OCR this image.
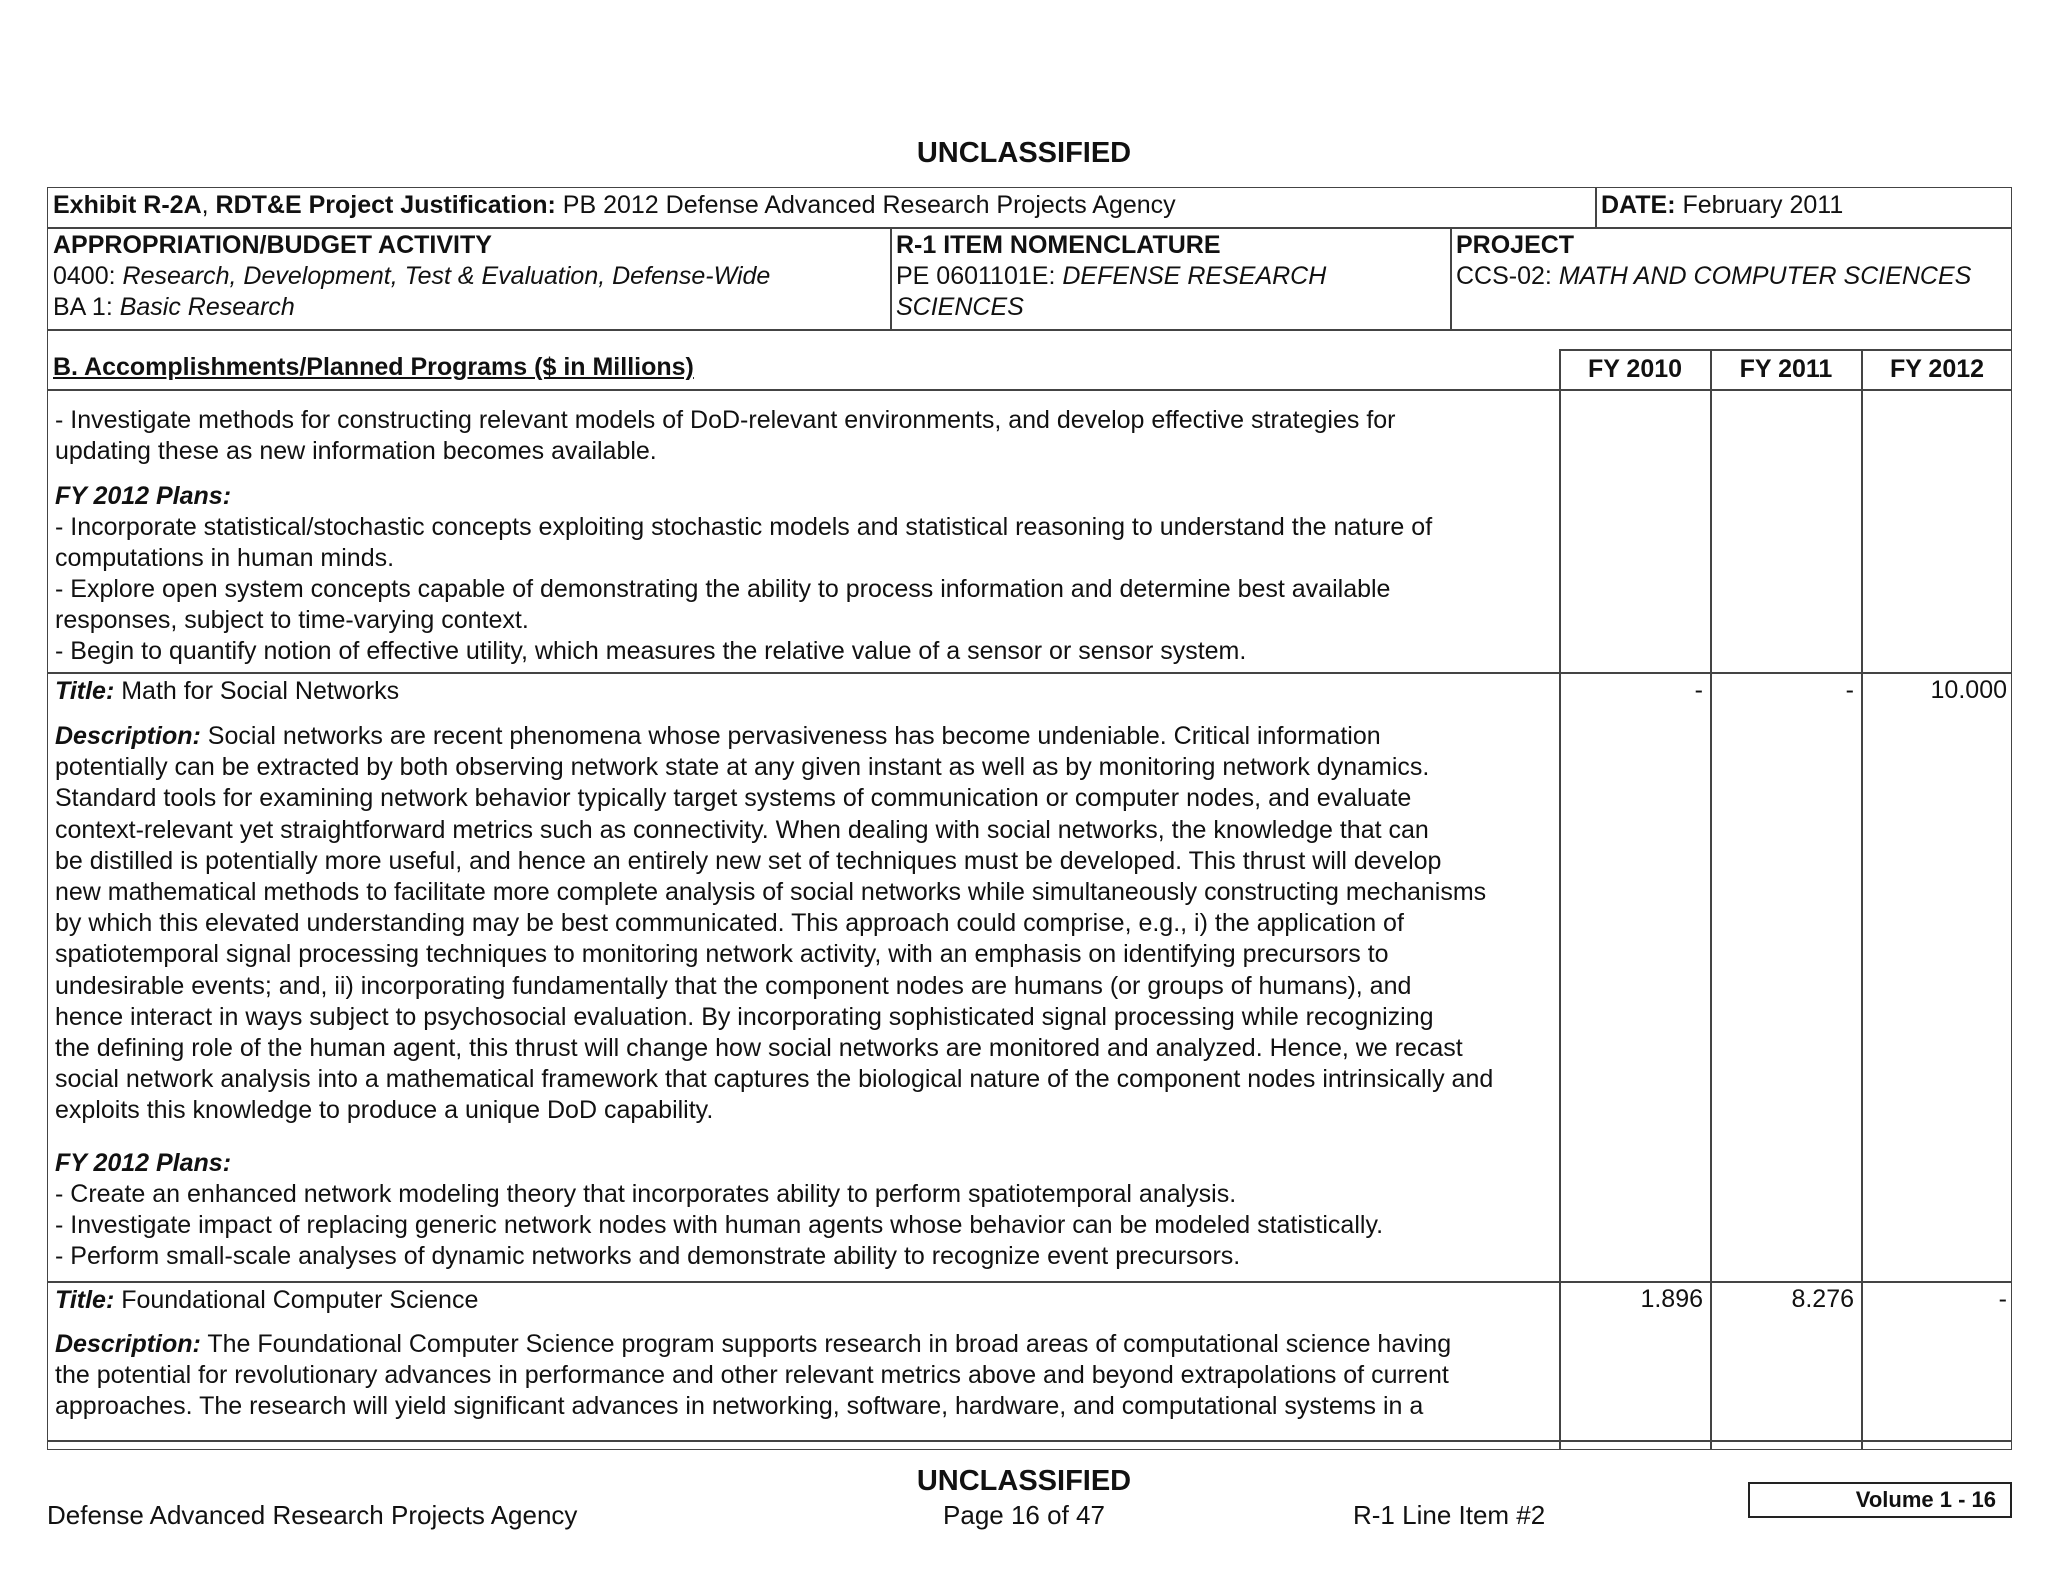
UNCLASSIFIED
Exhibit R-2A, RDT&E Project Justification: PB 2012 Defense Advanced Research Projects Agency	DATE: February 2011
APPROPRIATION/BUDGET ACTIVITY
0400: Research, Development, Test & Evaluation, Defense-Wide
BA 1: Basic Research
R-1 ITEM NOMENCLATURE
PE 0601101E: DEFENSE RESEARCH
SCIENCES
PROJECT
CCS-02: MATH AND COMPUTER SCIENCES
B. Accomplishments/Planned Programs ($ in Millions)	FY 2010	FY 2011	FY 2012
- Investigate methods for constructing relevant models of DoD-relevant environments, and develop effective strategies for
updating these as new information becomes available.
FY 2012 Plans:
- Incorporate statistical/stochastic concepts exploiting stochastic models and statistical reasoning to understand the nature of
computations in human minds.
- Explore open system concepts capable of demonstrating the ability to process information and determine best available
responses, subject to time-varying context.
- Begin to quantify notion of effective utility, which measures the relative value of a sensor or sensor system.
Title: Math for Social Networks	-	-	10.000
Description: Social networks are recent phenomena whose pervasiveness has become undeniable. Critical information
potentially can be extracted by both observing network state at any given instant as well as by monitoring network dynamics.
Standard tools for examining network behavior typically target systems of communication or computer nodes, and evaluate
context-relevant yet straightforward metrics such as connectivity. When dealing with social networks, the knowledge that can
be distilled is potentially more useful, and hence an entirely new set of techniques must be developed. This thrust will develop
new mathematical methods to facilitate more complete analysis of social networks while simultaneously constructing mechanisms
by which this elevated understanding may be best communicated. This approach could comprise, e.g., i) the application of
spatiotemporal signal processing techniques to monitoring network activity, with an emphasis on identifying precursors to
undesirable events; and, ii) incorporating fundamentally that the component nodes are humans (or groups of humans), and
hence interact in ways subject to psychosocial evaluation. By incorporating sophisticated signal processing while recognizing
the defining role of the human agent, this thrust will change how social networks are monitored and analyzed. Hence, we recast
social network analysis into a mathematical framework that captures the biological nature of the component nodes intrinsically and
exploits this knowledge to produce a unique DoD capability.
FY 2012 Plans:
- Create an enhanced network modeling theory that incorporates ability to perform spatiotemporal analysis.
- Investigate impact of replacing generic network nodes with human agents whose behavior can be modeled statistically.
- Perform small-scale analyses of dynamic networks and demonstrate ability to recognize event precursors.
Title: Foundational Computer Science	1.896	8.276	-
Description: The Foundational Computer Science program supports research in broad areas of computational science having
the potential for revolutionary advances in performance and other relevant metrics above and beyond extrapolations of current
approaches. The research will yield significant advances in networking, software, hardware, and computational systems in a
UNCLASSIFIED
Defense Advanced Research Projects Agency	Page 16 of 47	R-1 Line Item #2
Volume 1 - 16
